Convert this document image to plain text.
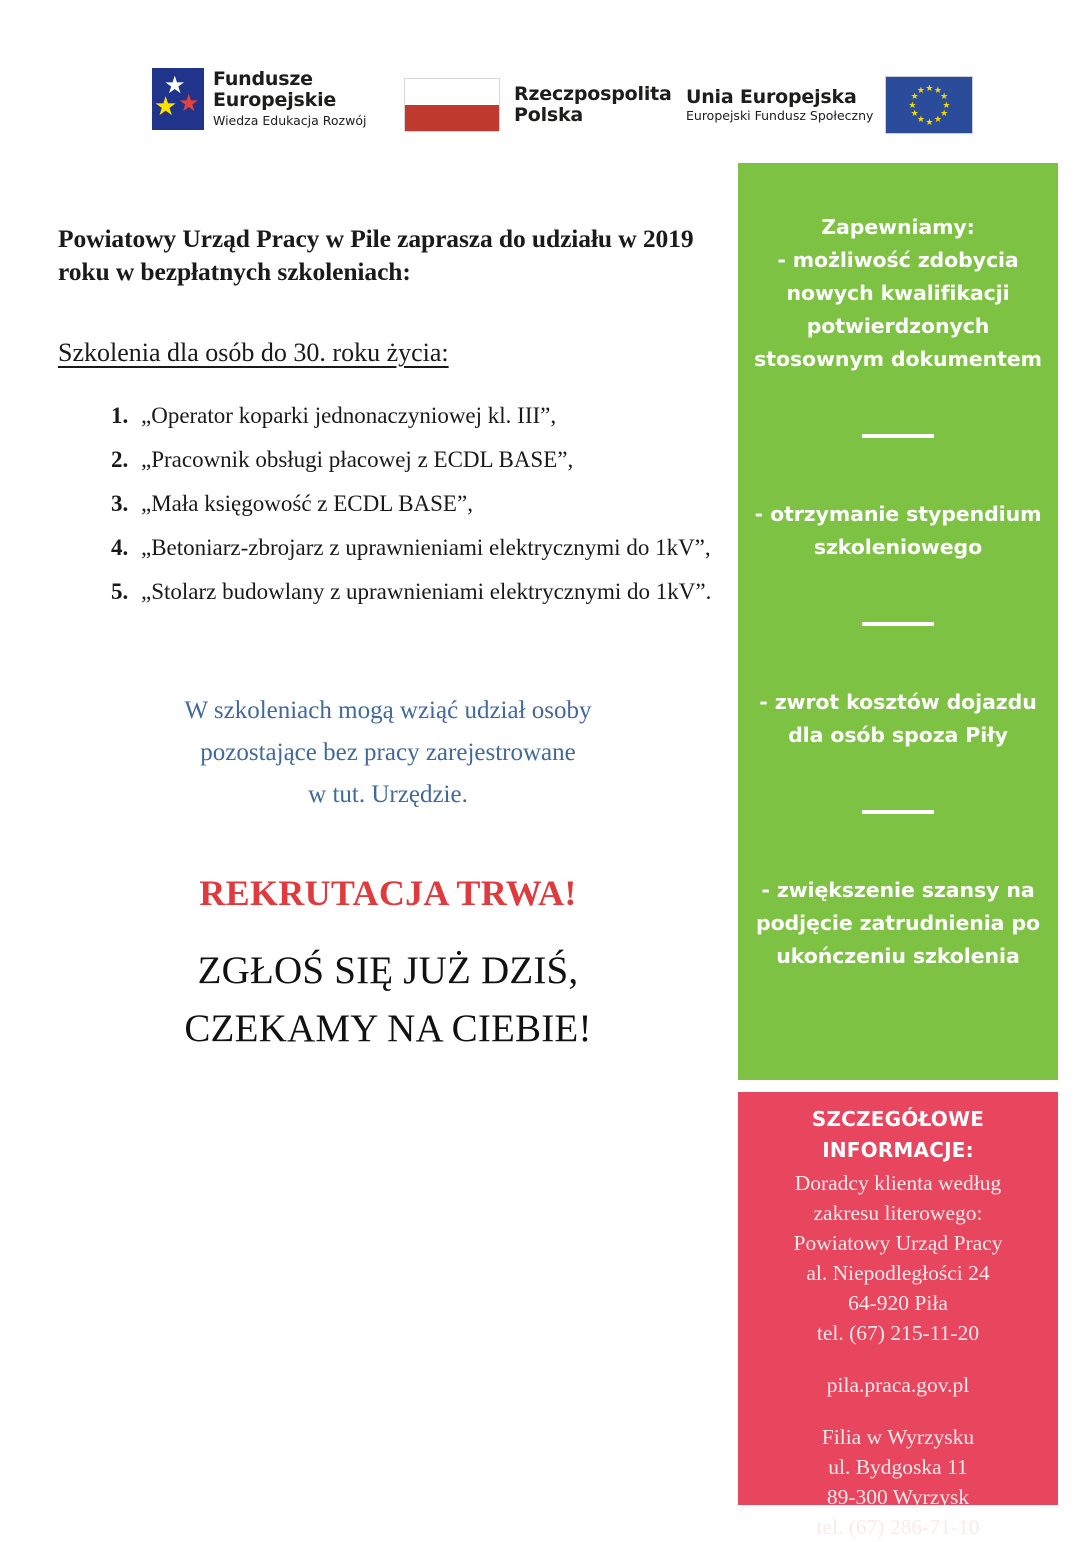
★
★ ★
Fundusze
Europejskie
Wiedza Edukacja Rozwój
Rzeczpospolita
Polska
Unia Europejska
Europejski Fundusz Społeczny
★ ★
★
★
★
★
★
★
★
★
★
★
Powiatowy Urząd Pracy w Pile zaprasza do udziału w 2019 roku w bezpłatnych szkoleniach:
Szkolenia dla osób do 30. roku życia:
„Operator koparki jednonaczyniowej kl. III”,
„Pracownik obsługi płacowej z ECDL BASE”,
„Mała księgowość z ECDL BASE”,
„Betoniarz-zbrojarz z uprawnieniami elektrycznymi do 1kV”,
„Stolarz budowlany z uprawnieniami elektrycznymi do 1kV”.
W szkoleniach mogą wziąć udział osoby
pozostające bez pracy zarejestrowane
w tut. Urzędzie.
REKRUTACJA TRWA!
ZGŁOŚ SIĘ JUŻ DZIŚ,
CZEKAMY NA CIEBIE!
Zapewniamy:
- możliwość zdobycia nowych kwalifikacji potwierdzonych stosownym dokumentem
- otrzymanie stypendium szkoleniowego
- zwrot kosztów dojazdu dla osób spoza Piły
- zwiększenie szansy na podjęcie zatrudnienia po ukończeniu szkolenia
SZCZEGÓŁOWE
INFORMACJE:
Doradcy klienta według
zakresu literowego:
Powiatowy Urząd Pracy
al. Niepodległości 24
64-920 Piła
tel. (67) 215-11-20
pila.praca.gov.pl
Filia w Wyrzysku
ul. Bydgoska 11
89-300 Wyrzysk
tel. (67) 286-71-10
